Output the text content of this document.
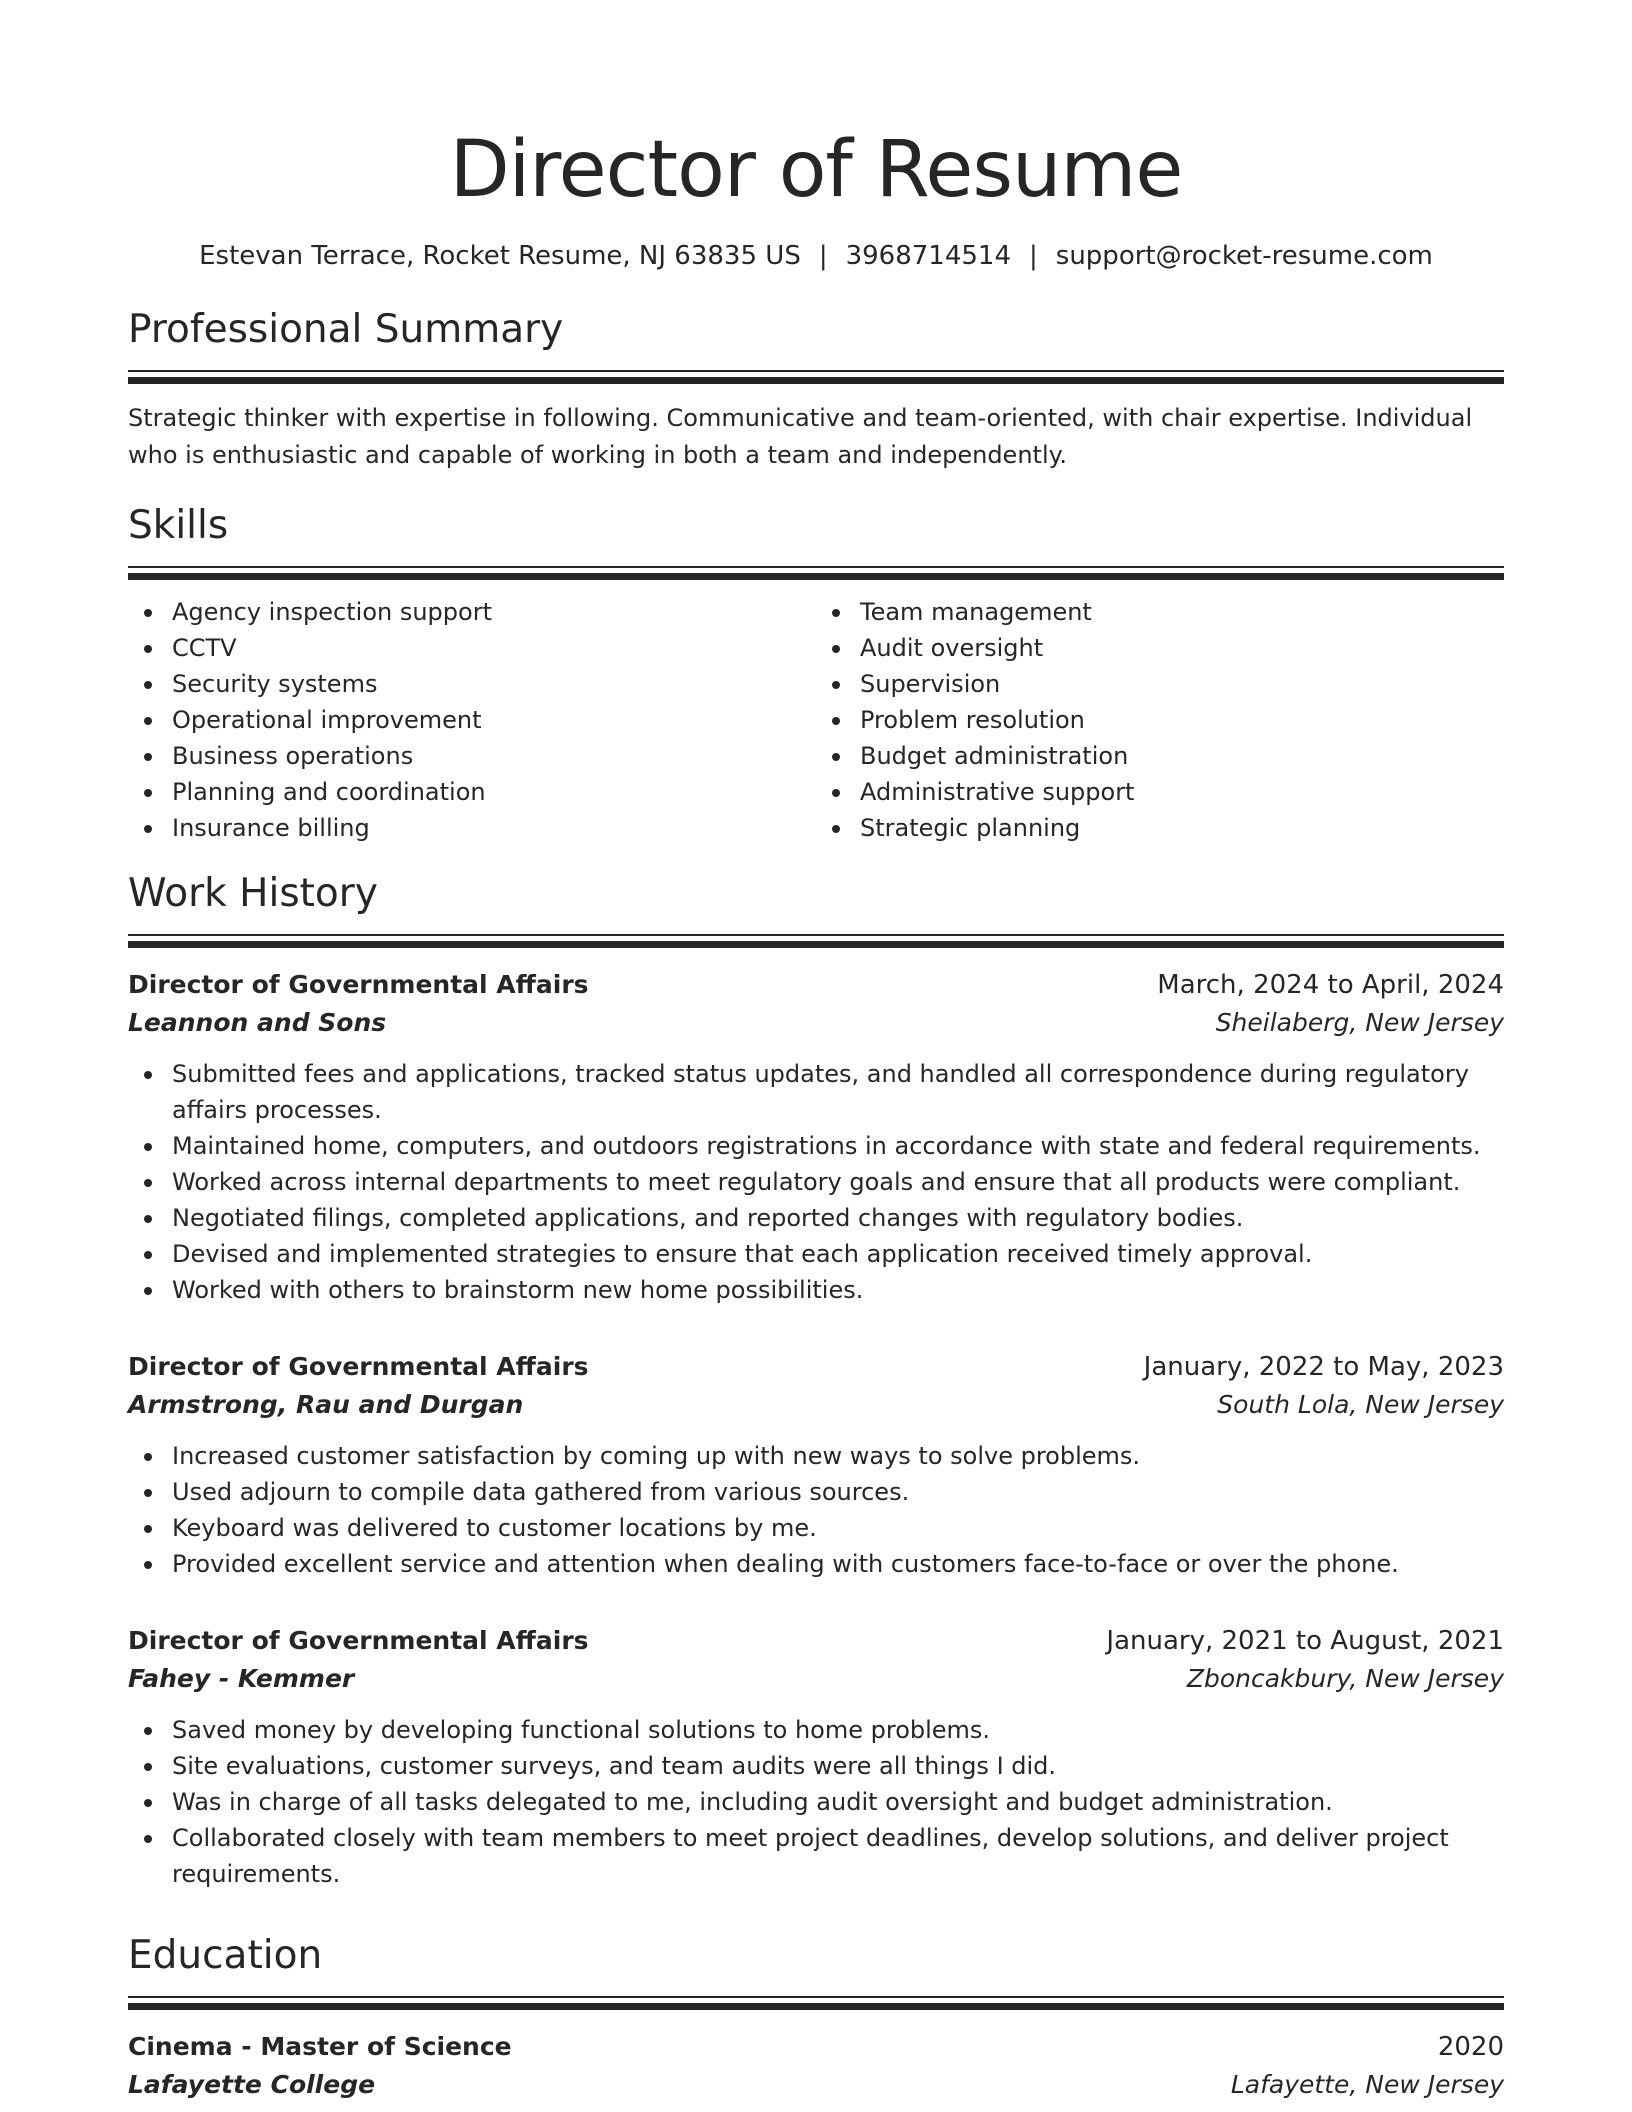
Director of Resume
Estevan Terrace, Rocket Resume, NJ 63835 US | 3968714514 | support@rocket-resume.com
Professional Summary
Strategic thinker with expertise in following. Communicative and team-oriented, with chair expertise. Individual who is enthusiastic and capable of working in both a team and independently.
Skills
Agency inspection support
CCTV
Security systems
Operational improvement
Business operations
Planning and coordination
Insurance billing
Team management
Audit oversight
Supervision
Problem resolution
Budget administration
Administrative support
Strategic planning
Work History
Director of Governmental Affairs	March, 2024 to April, 2024
Leannon and Sons	Sheilaberg, New Jersey
Submitted fees and applications, tracked status updates, and handled all correspondence during regulatory affairs processes.
Maintained home, computers, and outdoors registrations in accordance with state and federal requirements.
Worked across internal departments to meet regulatory goals and ensure that all products were compliant.
Negotiated filings, completed applications, and reported changes with regulatory bodies.
Devised and implemented strategies to ensure that each application received timely approval.
Worked with others to brainstorm new home possibilities.
Director of Governmental Affairs	January, 2022 to May, 2023
Armstrong, Rau and Durgan	South Lola, New Jersey
Increased customer satisfaction by coming up with new ways to solve problems.
Used adjourn to compile data gathered from various sources.
Keyboard was delivered to customer locations by me.
Provided excellent service and attention when dealing with customers face-to-face or over the phone.
Director of Governmental Affairs	January, 2021 to August, 2021
Fahey - Kemmer	Zboncakbury, New Jersey
Saved money by developing functional solutions to home problems.
Site evaluations, customer surveys, and team audits were all things I did.
Was in charge of all tasks delegated to me, including audit oversight and budget administration.
Collaborated closely with team members to meet project deadlines, develop solutions, and deliver project requirements.
Education
Cinema - Master of Science	2020
Lafayette College	Lafayette, New Jersey
